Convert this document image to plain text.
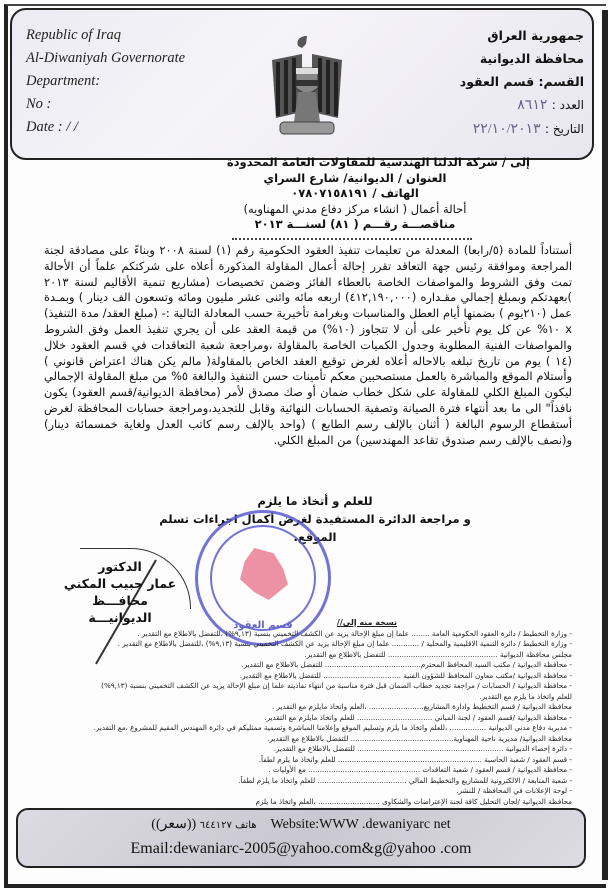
Republic of Iraq
Al-Diwaniyah Governorate
Department:
No :
Date : / /
جمهورية العراق
محافظة الديوانية
القسم: قسم العقود
العدد : ٨٦١٢
التاريخ : ٢٢/١٠/٢٠١٣
إلى / شركة الدلتا الهندسية للمقاولات العامة المحدودة
العنوان / الديوانية/ شارع السراي
الهاتف / ٠٧٨٠٧١٥٨١٩١
أحالة أعمال ( انشاء مركز دفاع مدني المهناويه)
مناقصـــة رقـــم ( ٨١) لسنـــة ٢٠١٣
أستناداً للمادة (٥/رابعا) المعدلة من تعليمات تنفيذ العقود الحكومية رقم (١) لسنة ٢٠٠٨ وبناءً على مصادقة لجنة المراجعة وموافقة رئيس جهة التعاقد تقرر إحالة أعمال المقاولة المذكورة أعلاه على شركتكم علماً أن الأحالة تمت وفق الشروط والمواصفات الخاصة بالعطاء الفائز وضمن تخصيصات (مشاريع تنمية الأقاليم لسنة ٢٠١٣ )بعهدتكم وبمبلغ إجمالي مقـداره (٤١٢,١٩٠,٠٠٠) اربعه مائه واثنى عشر مليون ومائه وتسعون الف دينار ) وبمـدة عمل (٢١٠يوم ) بضمنها أيام العطل والمناسبات وبغرامة تأخيرية حسب المعادلة التالية :- (مبلغ العقد/ مدة التنفيذ) x ١٠% عن كل يوم تأخير على أن لا تتجاوز (١٠%) من قيمة العقد على أن يجري تنفيذ العمل وفق الشروط والمواصفات الفنية المطلوبة وجدول الكميات الخاصة بالمقاولة ،ومراجعة شعبة التعاقدات في قسم العقود خلال (١٤ ) يوم من تاريخ تبلغه بالاحاله أعلاه لغرض توقيع العقد الخاص بالمقاولة( مالم يكن هناك اعتراض قانوني ) وأستلام الموقع والمباشرة بالعمل مستصحبين معكم تأمينات حسن التنفيذ والبالغة ٥% من مبلغ المقاولة الإجمالي ليكون المبلغ الكلي للمقاولة على شكل خطاب ضمان أو صك مصدق لأمر (محافظة الديوانية/قسم العقود) يكون نافذاً" الى ما بعد أنتهاء فترة الصيانة وتصفية الحسابات النهائية وقابل للتجديد،ومراجعة حسابات المحافظة لغرض أستقطاع الرسوم البالغة ( أثنان بالإلف رسم الطابع ) (واحد بالإلف رسم كاتب العدل ولغاية خمسمائة دينار) و(نصف بالإلف رسم صندوق تقاعد المهندسين) من المبلغ الكلي.
للعلم و أتخاذ ما يلزم
و مراجعة الدائرة المستفيدة لغرض أكمال اجراءات تسلم الموقع.
قسم العقود
الدكتور
عمار حبيب المكني
محافـــظ الديوانيـــة	نسخة منه إلى//
- وزارة التخطيط / دائرة العقود الحكومية العامة ........ علما إن مبلغ الإحالة يزيد عن الكشف التخميني بنسبة (٩,١٣%) ،للتفضل بالاطلاع مع التقدير .
- وزارة التخطيط / دائرة التنمية الاقليمية والمحلية / ............ علما إن مبلغ الإحالة يزيد عن الكشف التخميني بنسبة (٩,١٣%) ،للتفضل بالاطلاع مع التقدير .
مجلس محافظة الديوانية ................................................ للتفضل بالاطلاع مع التقدير.
- محافظة الديوانية / مكتب السيد المحافظ المحترم.......................................... للتفضل بالاطلاع مع التقدير.
- محافظة الديوانية /مكتب معاون المحافظ للشؤون الفنية .................................. للتفضل بالاطلاع مع التقدير.
- محافظة الديوانية / الحسابات / مراجعة تجديد خطاب الضمان قبل فترة مناسبة من انتهاء نفاذيته علما إن مبلغ الإحالة يزيد عن الكشف التخميني بنسبة (٩,١٣%)
للعلم واتخاذ ما يلزم مع التقدير.
محافظة الديوانية / قسم التخطيط وادارة المشاريع........................ ،العلم واتخاذ مايلزم مع التقدير .
- محافظة الديوانية /قسم العقود / لجنة المباني ................................. للعلم واتخاذ مايلزم مع التقدير.
- مديرية دفاع مدني الديوانية ................ ،للعلم واتخاذ ما يلزم وتسليم الموقع وإعلامنا المباشرة وتسمية ممثليكم في دائرة المهندس المقيم للمشروع ،مع التقدير.
محافظة الديوانية/ مديرية ناحية المهناوية............................................. للتفضل بالاطلاع مع التقدير.
- دائرة إحصاء الديوانية ................................................................ للتفضل بالاطلاع مع التقدير.
- قسم العقود / شعبة الحاسبة ............................................................... للعلم واتخاذ ما يلزم لطفاً.
- محافظة الديوانية / قسم العقود / شعبة التعاقدات ................................................. مع الأوليات .
- شعبة المتابعة / الالكترونية للمشاريع والتخطيط المالي ....................................... للعلم واتخاذ ما يلزم لطفاً.
- لوحة الإعلانات في المحافظة / للنشر.
محافظة الديوانية /لجان التحليل كافة لجنة الإعتراضات والشكاوى ........................... ،العلم واتخاذ ما يلزم
هاتف ٦٤٤١٢٧ ((سعر))Website:WWW .dewaniyarc net
Email:dewaniarc-2005@yahoo.com&g@yahoo .com
